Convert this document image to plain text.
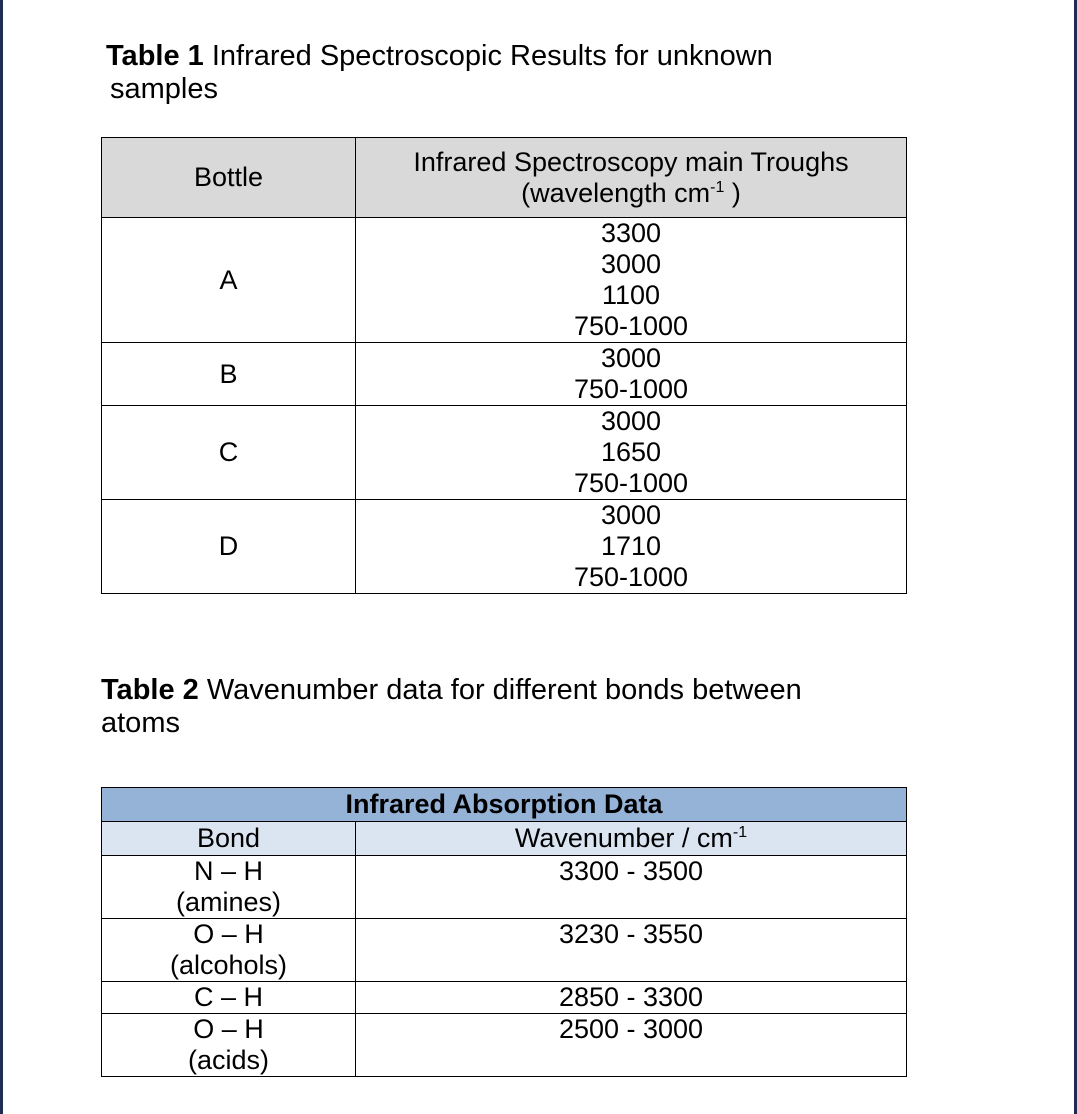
Table 1 Infrared Spectroscopic Results for unknown
samples

Bottle	Infrared Spectroscopy main Troughs
(wavelength $cm^{-1}$ )
A	3300
3000
1100
750-1000

B	3000
750-1000

C	3000
1650
750-1000

D	3000
1710
750-1000

Table 2 Wavenumber data for different bonds between
atoms

Infrared Absorption Data	
Bond	Wavenumber / $cm^{-1}$

N – H
(amines)	3300 - 3500

O – H
(alcohols)	3230 - 3550

C – H	2850 - 3300

O – H
(acids)	2500 - 3000
